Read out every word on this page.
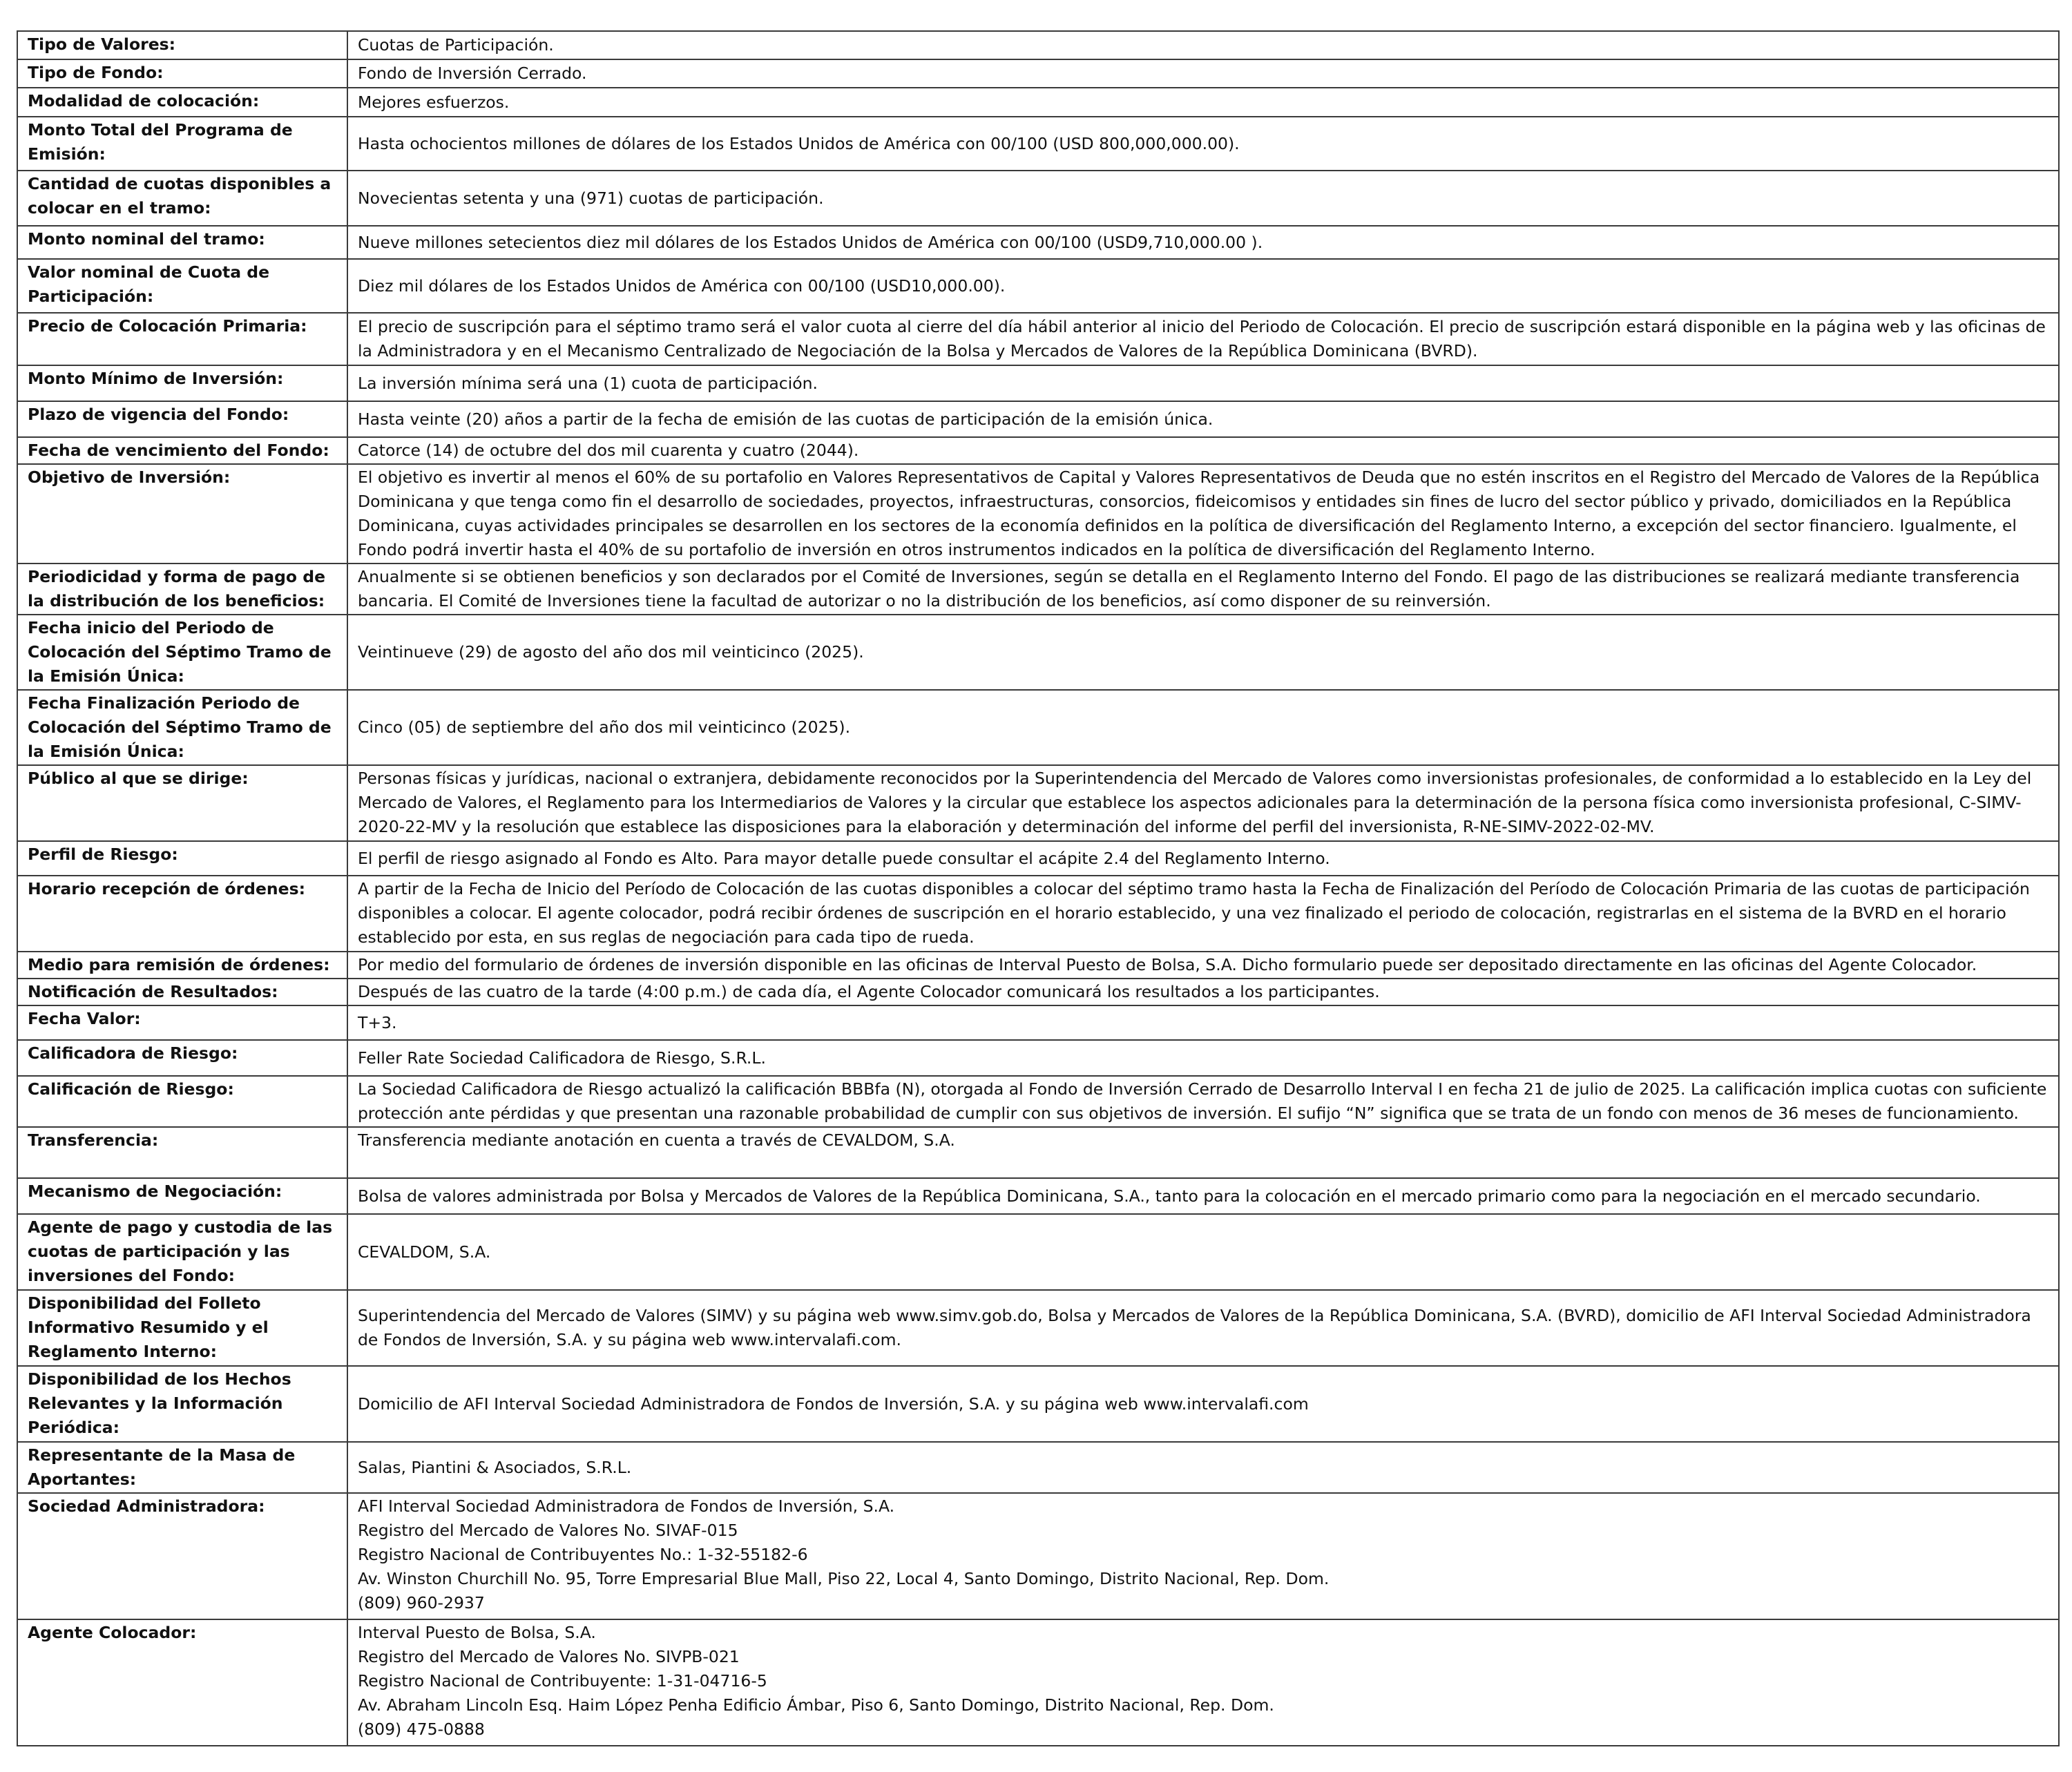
Tipo de Valores:	Cuotas de Participación.
Tipo de Fondo:	Fondo de Inversión Cerrado.
Modalidad de colocación:	Mejores esfuerzos.
Monto Total del Programa de Emisión:	Hasta ochocientos millones de dólares de los Estados Unidos de América con 00/100 (USD 800,000,000.00).
Cantidad de cuotas disponibles a colocar en el tramo:	Novecientas setenta y una (971) cuotas de participación.
Monto nominal del tramo:	Nueve millones setecientos diez mil dólares de los Estados Unidos de América con 00/100 (USD9,710,000.00 ).
Valor nominal de Cuota de Participación:	Diez mil dólares de los Estados Unidos de América con 00/100 (USD10,000.00).
Precio de Colocación Primaria:	El precio de suscripción para el séptimo tramo será el valor cuota al cierre del día hábil anterior al inicio del Periodo de Colocación. El precio de suscripción estará disponible en la página web y las oficinas de la Administradora y en el Mecanismo Centralizado de Negociación de la Bolsa y Mercados de Valores de la República Dominicana (BVRD).
Monto Mínimo de Inversión:	La inversión mínima será una (1) cuota de participación.
Plazo de vigencia del Fondo:	Hasta veinte (20) años a partir de la fecha de emisión de las cuotas de participación de la emisión única.
Fecha de vencimiento del Fondo:	Catorce (14) de octubre del dos mil cuarenta y cuatro (2044).
Objetivo de Inversión:	El objetivo es invertir al menos el 60% de su portafolio en Valores Representativos de Capital y Valores Representativos de Deuda que no estén inscritos en el Registro del Mercado de Valores de la República Dominicana y que tenga como fin el desarrollo de sociedades, proyectos, infraestructuras, consorcios, fideicomisos y entidades sin fines de lucro del sector público y privado, domiciliados en la República Dominicana, cuyas actividades principales se desarrollen en los sectores de la economía definidos en la política de diversificación del Reglamento Interno, a excepción del sector financiero. Igualmente, el Fondo podrá invertir hasta el 40% de su portafolio de inversión en otros instrumentos indicados en la política de diversificación del Reglamento Interno.
Periodicidad y forma de pago de la distribución de los beneficios:	Anualmente si se obtienen beneficios y son declarados por el Comité de Inversiones, según se detalla en el Reglamento Interno del Fondo. El pago de las distribuciones se realizará mediante transferencia bancaria. El Comité de Inversiones tiene la facultad de autorizar o no la distribución de los beneficios, así como disponer de su reinversión.
Fecha inicio del Periodo de Colocación del Séptimo Tramo de la Emisión Única:	Veintinueve (29) de agosto del año dos mil veinticinco (2025).
Fecha Finalización Periodo de Colocación del Séptimo Tramo de la Emisión Única:	Cinco (05) de septiembre del año dos mil veinticinco (2025).
Público al que se dirige:	Personas físicas y jurídicas, nacional o extranjera, debidamente reconocidos por la Superintendencia del Mercado de Valores como inversionistas profesionales, de conformidad a lo establecido en la Ley del Mercado de Valores, el Reglamento para los Intermediarios de Valores y la circular que establece los aspectos adicionales para la determinación de la persona física como inversionista profesional, C-SIMV-2020-22-MV y la resolución que establece las disposiciones para la elaboración y determinación del informe del perfil del inversionista, R-NE-SIMV-2022-02-MV.
Perfil de Riesgo:	El perfil de riesgo asignado al Fondo es Alto. Para mayor detalle puede consultar el acápite 2.4 del Reglamento Interno.
Horario recepción de órdenes:	A partir de la Fecha de Inicio del Período de Colocación de las cuotas disponibles a colocar del séptimo tramo hasta la Fecha de Finalización del Período de Colocación Primaria de las cuotas de participación disponibles a colocar. El agente colocador, podrá recibir órdenes de suscripción en el horario establecido, y una vez finalizado el periodo de colocación, registrarlas en el sistema de la BVRD en el horario establecido por esta, en sus reglas de negociación para cada tipo de rueda.
Medio para remisión de órdenes:	Por medio del formulario de órdenes de inversión disponible en las oficinas de Interval Puesto de Bolsa, S.A. Dicho formulario puede ser depositado directamente en las oficinas del Agente Colocador.
Notificación de Resultados:	Después de las cuatro de la tarde (4:00 p.m.) de cada día, el Agente Colocador comunicará los resultados a los participantes.
Fecha Valor:	T+3.
Calificadora de Riesgo:	Feller Rate Sociedad Calificadora de Riesgo, S.R.L.
Calificación de Riesgo:	La Sociedad Calificadora de Riesgo actualizó la calificación BBBfa (N), otorgada al Fondo de Inversión Cerrado de Desarrollo Interval I en fecha 21 de julio de 2025. La calificación implica cuotas con suficiente protección ante pérdidas y que presentan una razonable probabilidad de cumplir con sus objetivos de inversión. El sufijo “N” significa que se trata de un fondo con menos de 36 meses de funcionamiento.
Transferencia:	Transferencia mediante anotación en cuenta a través de CEVALDOM, S.A.
Mecanismo de Negociación:	Bolsa de valores administrada por Bolsa y Mercados de Valores de la República Dominicana, S.A., tanto para la colocación en el mercado primario como para la negociación en el mercado secundario.
Agente de pago y custodia de las cuotas de participación y las inversiones del Fondo:	CEVALDOM, S.A.
Disponibilidad del Folleto Informativo Resumido y el Reglamento Interno:	Superintendencia del Mercado de Valores (SIMV) y su página web www.simv.gob.do, Bolsa y Mercados de Valores de la República Dominicana, S.A. (BVRD), domicilio de AFI Interval Sociedad Administradora de Fondos de Inversión, S.A. y su página web www.intervalafi.com.
Disponibilidad de los Hechos Relevantes y la Información Periódica:	Domicilio de AFI Interval Sociedad Administradora de Fondos de Inversión, S.A. y su página web www.intervalafi.com
Representante de la Masa de Aportantes:	Salas, Piantini & Asociados, S.R.L.
Sociedad Administradora:	AFI Interval Sociedad Administradora de Fondos de Inversión, S.A.
Registro del Mercado de Valores No. SIVAF-015
Registro Nacional de Contribuyentes No.: 1-32-55182-6
Av. Winston Churchill No. 95, Torre Empresarial Blue Mall, Piso 22, Local 4, Santo Domingo, Distrito Nacional, Rep. Dom.
(809) 960-2937

Agente Colocador:	Interval Puesto de Bolsa, S.A.
Registro del Mercado de Valores No. SIVPB-021
Registro Nacional de Contribuyente: 1-31-04716-5
Av. Abraham Lincoln Esq. Haim López Penha Edificio Ámbar, Piso 6, Santo Domingo, Distrito Nacional, Rep. Dom.
(809) 475-0888
